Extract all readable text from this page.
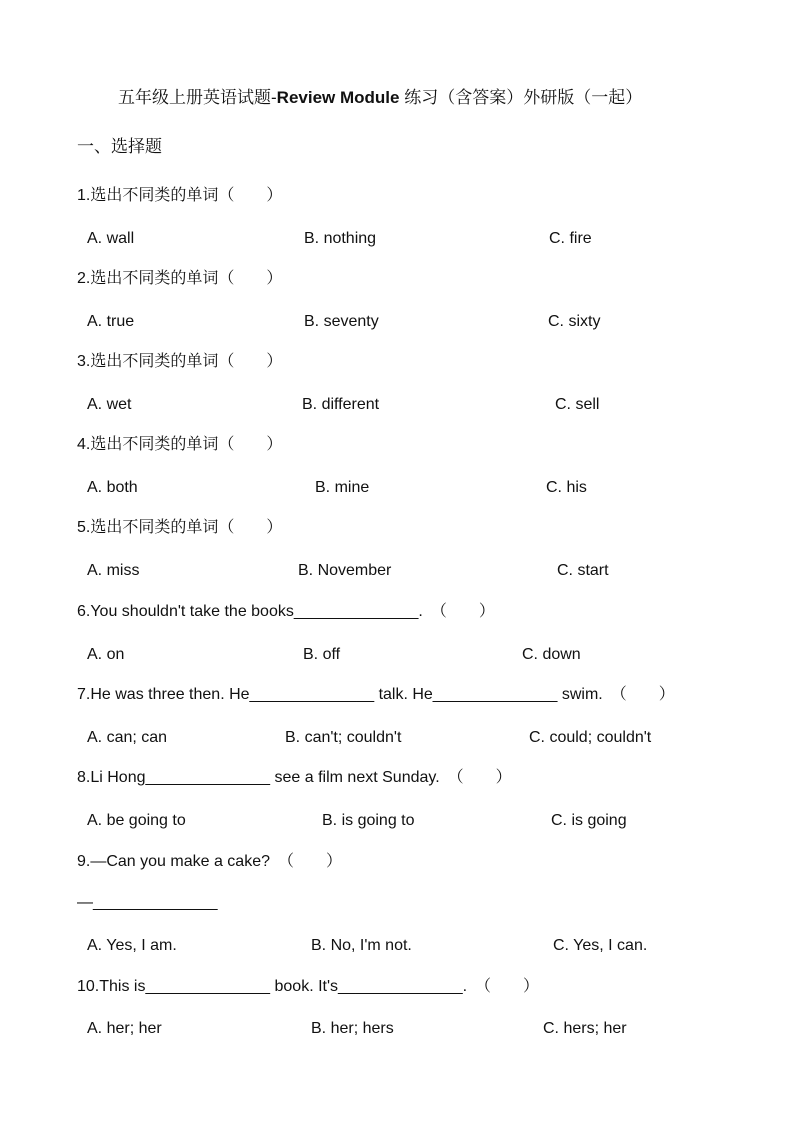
五年级上册英语试题-Review Module 练习（含答案）外研版（一起）
一、选择题
1.选出不同类的单词（　　）
A. wall	B. nothing	C. fire
2.选出不同类的单词（　　）
A. true	B. seventy	C. sixty
3.选出不同类的单词（　　）
A. wet	B. different	C. sell
4.选出不同类的单词（　　）
A. both	B. mine	C. his
5.选出不同类的单词（　　）
A. miss	B. November	C. start
6.You shouldn't take the books______________.　（　　）
A. on	B. off	C. down
7.He was three then. He______________ talk. He______________ swim.　（　　）
A. can; can	B. can't; couldn't	C. could; couldn't
8.Li Hong______________ see a film next Sunday.　（　　）
A. be going to	B. is going to	C. is going
9.—Can you make a cake?　（　　）
—______________
A. Yes, I am.	B. No, I'm not.	C. Yes, I can.
10.This is______________ book. It's______________.　（　　）
A. her; her	B. her; hers	C. hers; her
